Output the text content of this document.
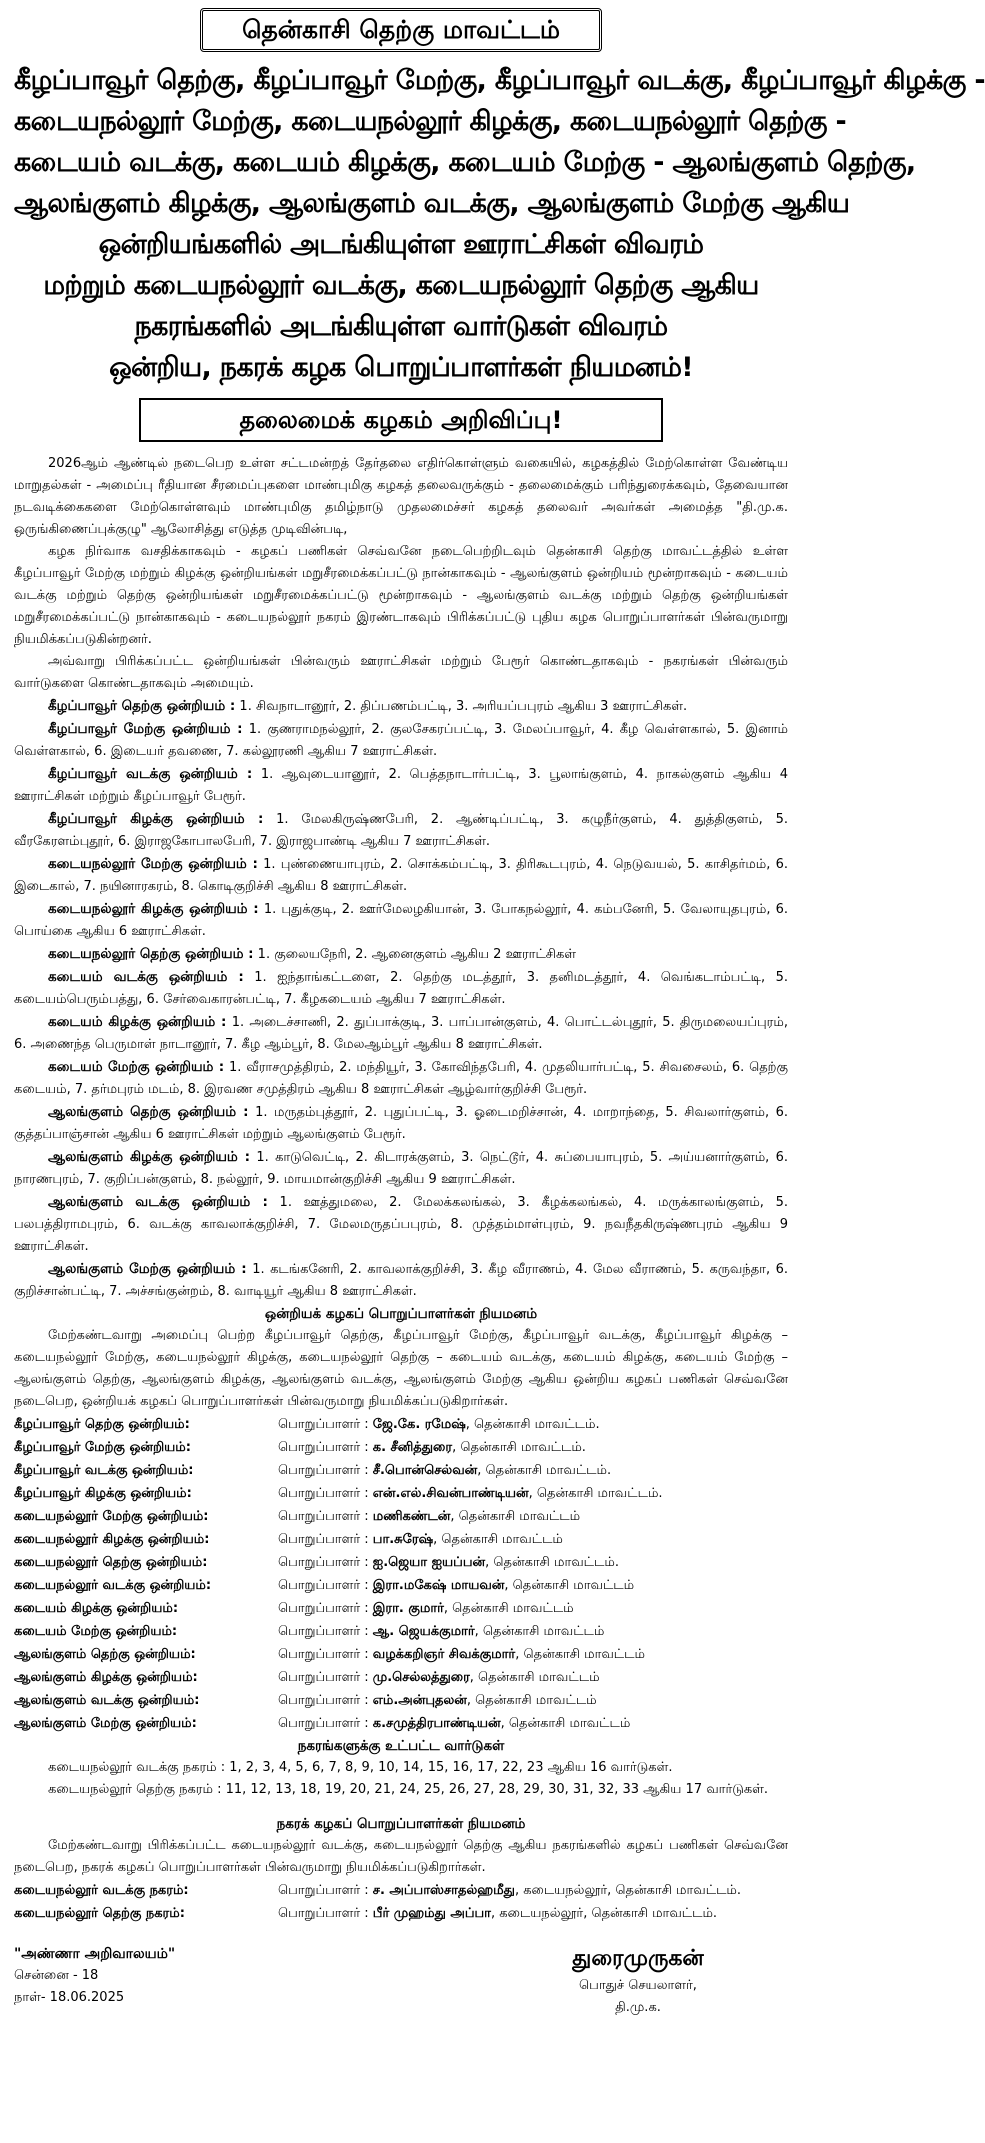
தென்காசி தெற்கு மாவட்டம்
கீழப்பாவூர் தெற்கு, கீழப்பாவூர் மேற்கு, கீழப்பாவூர் வடக்கு, கீழப்பாவூர் கிழக்கு -
கடையநல்லூர் மேற்கு, கடையநல்லூர் கிழக்கு, கடையநல்லூர் தெற்கு -
கடையம் வடக்கு, கடையம் கிழக்கு, கடையம் மேற்கு - ஆலங்குளம் தெற்கு,
ஆலங்குளம் கிழக்கு, ஆலங்குளம் வடக்கு, ஆலங்குளம் மேற்கு ஆகிய
ஒன்றியங்களில் அடங்கியுள்ள ஊராட்சிகள் விவரம்
மற்றும் கடையநல்லூர் வடக்கு, கடையநல்லூர் தெற்கு ஆகிய
நகரங்களில் அடங்கியுள்ள வார்டுகள் விவரம்
ஒன்றிய, நகரக் கழக பொறுப்பாளர்கள் நியமனம்!
தலைமைக் கழகம் அறிவிப்பு!

2026ஆம் ஆண்டில் நடைபெற உள்ள சட்டமன்றத் தேர்தலை எதிர்கொள்ளும் வகையில், கழகத்தில் மேற்கொள்ள வேண்டிய மாறுதல்கள் - அமைப்பு ரீதியான சீரமைப்புகளை மாண்புமிகு கழகத் தலைவருக்கும் - தலைமைக்கும் பரிந்துரைக்கவும், தேவையான நடவடிக்கைகளை மேற்கொள்ளவும் மாண்புமிகு தமிழ்நாடு முதலமைச்சர் கழகத் தலைவர் அவர்கள் அமைத்த "தி.மு.க. ஒருங்கிணைப்புக்குழு" ஆலோசித்து எடுத்த முடிவின்படி,

கழக நிர்வாக வசதிக்காகவும் - கழகப் பணிகள் செவ்வனே நடைபெற்றிடவும் தென்காசி தெற்கு மாவட்டத்தில் உள்ள கீழப்பாவூர் மேற்கு மற்றும் கிழக்கு ஒன்றியங்கள் மறுசீரமைக்கப்பட்டு நான்காகவும் - ஆலங்குளம் ஒன்றியம் மூன்றாகவும் - கடையம் வடக்கு மற்றும் தெற்கு ஒன்றியங்கள் மறுசீரமைக்கப்பட்டு மூன்றாகவும் - ஆலங்குளம் வடக்கு மற்றும் தெற்கு ஒன்றியங்கள் மறுசீரமைக்கப்பட்டு நான்காகவும் - கடையநல்லூர் நகரம் இரண்டாகவும் பிரிக்கப்பட்டு புதிய கழக பொறுப்பாளர்கள் பின்வருமாறு நியமிக்கப்படுகின்றனர்.

அவ்வாறு பிரிக்கப்பட்ட ஒன்றியங்கள் பின்வரும் ஊராட்சிகள் மற்றும் பேரூர் கொண்டதாகவும் - நகரங்கள் பின்வரும் வார்டுகளை கொண்டதாகவும் அமையும்.

கீழப்பாவூர் தெற்கு ஒன்றியம் : 1. சிவநாடானூர், 2. திப்பணம்பட்டி, 3. அரியப்பபுரம் ஆகிய 3 ஊராட்சிகள்.

கீழப்பாவூர் மேற்கு ஒன்றியம் : 1. குணராமநல்லூர், 2. குலசேகரப்பட்டி, 3. மேலப்பாவூர், 4. கீழ வெள்ளகால், 5. இனாம் வெள்ளகால், 6. இடையர் தவணை, 7. கல்லூரணி ஆகிய 7 ஊராட்சிகள்.

கீழப்பாவூர் வடக்கு ஒன்றியம் : 1. ஆவுடையானூர், 2. பெத்தநாடார்பட்டி, 3. பூலாங்குளம், 4. நாகல்குளம் ஆகிய 4 ஊராட்சிகள் மற்றும் கீழப்பாவூர் பேரூர்.

கீழப்பாவூர் கிழக்கு ஒன்றியம் : 1. மேலகிருஷ்ணபேரி, 2. ஆண்டிப்பட்டி, 3. கழுநீர்குளம், 4. துத்திகுளம், 5. வீரகேரளம்புதூர், 6. இராஜகோபாலபேரி, 7. இராஜபாண்டி ஆகிய 7 ஊராட்சிகள்.

கடையநல்லூர் மேற்கு ஒன்றியம் : 1. புண்ணையாபுரம், 2. சொக்கம்பட்டி, 3. திரிகூடபுரம், 4. நெடுவயல், 5. காசிதர்மம், 6. இடைகால், 7. நயினாரகரம், 8. கொடிகுறிச்சி ஆகிய 8 ஊராட்சிகள்.

கடையநல்லூர் கிழக்கு ஒன்றியம் : 1. புதுக்குடி, 2. ஊர்மேலழகியான், 3. போகநல்லூர், 4. கம்பனேரி, 5. வேலாயுதபுரம், 6. பொய்கை ஆகிய 6 ஊராட்சிகள்.

கடையநல்லூர் தெற்கு ஒன்றியம் : 1. குலையநேரி, 2. ஆனைகுளம் ஆகிய 2 ஊராட்சிகள்

கடையம் வடக்கு ஒன்றியம் : 1. ஐந்தாங்கட்டளை, 2. தெற்கு மடத்தூர், 3. தனிமடத்தூர், 4. வெங்கடாம்பட்டி, 5. கடையம்பெரும்பத்து, 6. சேர்வைகாரன்பட்டி, 7. கீழகடையம் ஆகிய 7 ஊராட்சிகள்.

கடையம் கிழக்கு ஒன்றியம் : 1. அடைச்சாணி, 2. துப்பாக்குடி, 3. பாப்பான்குளம், 4. பொட்டல்புதூர், 5. திருமலையப்புரம், 6. அணைந்த பெருமாள் நாடானூர், 7. கீழ ஆம்பூர், 8. மேலஆம்பூர் ஆகிய 8 ஊராட்சிகள்.

கடையம் மேற்கு ஒன்றியம் : 1. வீராசமுத்திரம், 2. மந்தியூர், 3. கோவிந்தபேரி, 4. முதலியார்பட்டி, 5. சிவசைலம், 6. தெற்கு கடையம், 7. தர்மபுரம் மடம், 8. இரவண சமுத்திரம் ஆகிய 8 ஊராட்சிகள் ஆழ்வார்குறிச்சி பேரூர்.

ஆலங்குளம் தெற்கு ஒன்றியம் : 1. மருதம்புத்தூர், 2. புதுப்பட்டி, 3. ஓடைமறிச்சான், 4. மாறாந்தை, 5. சிவலார்குளம், 6. குத்தப்பாஞ்சான் ஆகிய 6 ஊராட்சிகள் மற்றும் ஆலங்குளம் பேரூர்.

ஆலங்குளம் கிழக்கு ஒன்றியம் : 1. காடுவெட்டி, 2. கிடாரக்குளம், 3. நெட்டூர், 4. சுப்பையாபுரம், 5. அய்யனார்குளம், 6. நாரணபுரம், 7. குறிப்பன்குளம், 8. நல்லூர், 9. மாயமான்குறிச்சி ஆகிய 9 ஊராட்சிகள்.

ஆலங்குளம் வடக்கு ஒன்றியம் : 1. ஊத்துமலை, 2. மேலக்கலங்கல், 3. கீழக்கலங்கல், 4. மருக்காலங்குளம், 5. பலபத்திராமபுரம், 6. வடக்கு காவலாக்குறிச்சி, 7. மேலமருதப்பபுரம், 8. முத்தம்மாள்புரம், 9. நவநீதகிருஷ்ணபுரம் ஆகிய 9 ஊராட்சிகள்.

ஆலங்குளம் மேற்கு ஒன்றியம் : 1. கடங்கனேரி, 2. காவலாக்குறிச்சி, 3. கீழ வீராணம், 4. மேல வீராணம், 5. கருவந்தா, 6. குறிச்சான்பட்டி, 7. அச்சங்குன்றம், 8. வாடியூர் ஆகிய 8 ஊராட்சிகள்.

ஒன்றியக் கழகப் பொறுப்பாளர்கள் நியமனம்

மேற்கண்டவாறு அமைப்பு பெற்ற கீழப்பாவூர் தெற்கு, கீழப்பாவூர் மேற்கு, கீழப்பாவூர் வடக்கு, கீழப்பாவூர் கிழக்கு – கடையநல்லூர் மேற்கு, கடையநல்லூர் கிழக்கு, கடையநல்லூர் தெற்கு – கடையம் வடக்கு, கடையம் கிழக்கு, கடையம் மேற்கு – ஆலங்குளம் தெற்கு, ஆலங்குளம் கிழக்கு, ஆலங்குளம் வடக்கு, ஆலங்குளம் மேற்கு ஆகிய ஒன்றிய கழகப் பணிகள் செவ்வனே நடைபெற, ஒன்றியக் கழகப் பொறுப்பாளர்கள் பின்வருமாறு நியமிக்கப்படுகிறார்கள்.

கீழப்பாவூர் தெற்கு ஒன்றியம்:	பொறுப்பாளர் : ஜே.கே. ரமேஷ், தென்காசி மாவட்டம்.
கீழப்பாவூர் மேற்கு ஒன்றியம்:	பொறுப்பாளர் : க. சீனித்துரை, தென்காசி மாவட்டம்.
கீழப்பாவூர் வடக்கு ஒன்றியம்:	பொறுப்பாளர் : சீ.பொன்செல்வன், தென்காசி மாவட்டம்.
கீழப்பாவூர் கிழக்கு ஒன்றியம்:	பொறுப்பாளர் : என்.எல்.சிவன்பாண்டியன், தென்காசி மாவட்டம்.
கடையநல்லூர் மேற்கு ஒன்றியம்:	பொறுப்பாளர் : மணிகண்டன், தென்காசி மாவட்டம்
கடையநல்லூர் கிழக்கு ஒன்றியம்:	பொறுப்பாளர் : பா.சுரேஷ், தென்காசி மாவட்டம்
கடையநல்லூர் தெற்கு ஒன்றியம்:	பொறுப்பாளர் : ஐ.ஜெயா ஐயப்பன், தென்காசி மாவட்டம்.
கடையநல்லூர் வடக்கு ஒன்றியம்:	பொறுப்பாளர் : இரா.மகேஷ் மாயவன், தென்காசி மாவட்டம்
கடையம் கிழக்கு ஒன்றியம்:	பொறுப்பாளர் : இரா. குமார், தென்காசி மாவட்டம்
கடையம் மேற்கு ஒன்றியம்:	பொறுப்பாளர் : ஆ. ஜெயக்குமார், தென்காசி மாவட்டம்
ஆலங்குளம் தெற்கு ஒன்றியம்:	பொறுப்பாளர் : வழக்கறிஞர் சிவக்குமார், தென்காசி மாவட்டம்
ஆலங்குளம் கிழக்கு ஒன்றியம்:	பொறுப்பாளர் : மு.செல்லத்துரை, தென்காசி மாவட்டம்
ஆலங்குளம் வடக்கு ஒன்றியம்:	பொறுப்பாளர் : எம்.அன்புதலன், தென்காசி மாவட்டம்
ஆலங்குளம் மேற்கு ஒன்றியம்:	பொறுப்பாளர் : க.சமுத்திரபாண்டியன், தென்காசி மாவட்டம்
நகரங்களுக்கு உட்பட்ட வார்டுகள்

கடையநல்லூர் வடக்கு நகரம் : 1, 2, 3, 4, 5, 6, 7, 8, 9, 10, 14, 15, 16, 17, 22, 23 ஆகிய 16 வார்டுகள்.

கடையநல்லூர் தெற்கு நகரம் : 11, 12, 13, 18, 19, 20, 21, 24, 25, 26, 27, 28, 29, 30, 31, 32, 33 ஆகிய 17 வார்டுகள்.

நகரக் கழகப் பொறுப்பாளர்கள் நியமனம்

மேற்கண்டவாறு பிரிக்கப்பட்ட கடையநல்லூர் வடக்கு, கடையநல்லூர் தெற்கு ஆகிய நகரங்களில் கழகப் பணிகள் செவ்வனே நடைபெற, நகரக் கழகப் பொறுப்பாளர்கள் பின்வருமாறு நியமிக்கப்படுகிறார்கள்.

கடையநல்லூர் வடக்கு நகரம்:	பொறுப்பாளர் : ச. அப்பாஸ்சாதல்ஹமீது, கடையநல்லூர், தென்காசி மாவட்டம்.
கடையநல்லூர் தெற்கு நகரம்:	பொறுப்பாளர் : பீர் முஹம்து அப்பா, கடையநல்லூர், தென்காசி மாவட்டம்.
"அண்ணா அறிவாலயம்"
சென்னை - 18
நாள்- 18.06.2025
துரைமுருகன்
பொதுச் செயலாளர்,
தி.மு.க.
